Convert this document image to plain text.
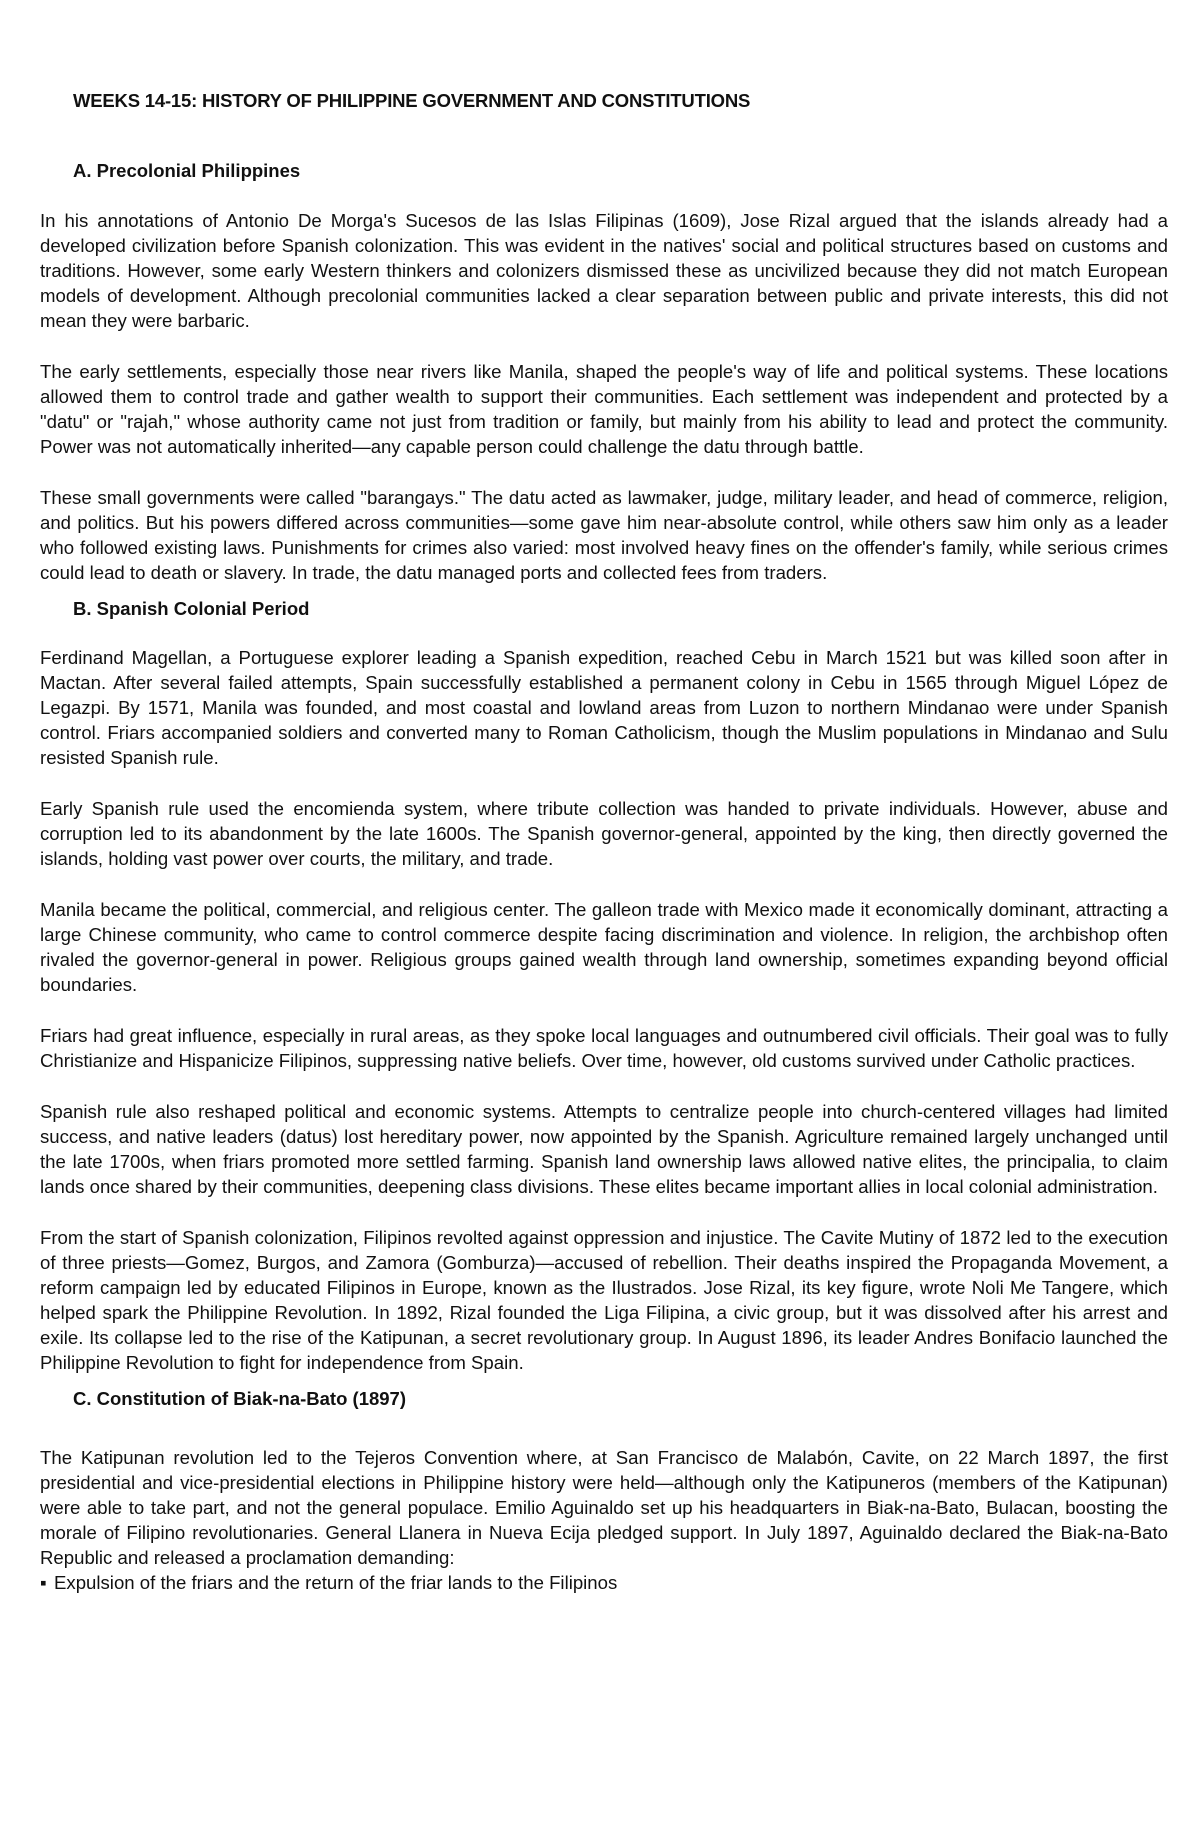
WEEKS 14-15: HISTORY OF PHILIPPINE GOVERNMENT AND CONSTITUTIONS
A. Precolonial Philippines

In his annotations of Antonio De Morga's Sucesos de las Islas Filipinas (1609), Jose Rizal argued that the islands already had a developed civilization before Spanish colonization. This was evident in the natives' social and political structures based on customs and traditions. However, some early Western thinkers and colonizers dismissed these as uncivilized because they did not match European models of development. Although precolonial communities lacked a clear separation between public and private interests, this did not mean they were barbaric.

The early settlements, especially those near rivers like Manila, shaped the people's way of life and political systems. These locations allowed them to control trade and gather wealth to support their communities. Each settlement was independent and protected by a "datu" or "rajah," whose authority came not just from tradition or family, but mainly from his ability to lead and protect the community. Power was not automatically inherited—any capable person could challenge the datu through battle.

These small governments were called "barangays." The datu acted as lawmaker, judge, military leader, and head of commerce, religion, and politics. But his powers differed across communities—some gave him near-absolute control, while others saw him only as a leader who followed existing laws. Punishments for crimes also varied: most involved heavy fines on the offender's family, while serious crimes could lead to death or slavery. In trade, the datu managed ports and collected fees from traders.

B. Spanish Colonial Period

Ferdinand Magellan, a Portuguese explorer leading a Spanish expedition, reached Cebu in March 1521 but was killed soon after in Mactan. After several failed attempts, Spain successfully established a permanent colony in Cebu in 1565 through Miguel López de Legazpi. By 1571, Manila was founded, and most coastal and lowland areas from Luzon to northern Mindanao were under Spanish control. Friars accompanied soldiers and converted many to Roman Catholicism, though the Muslim populations in Mindanao and Sulu resisted Spanish rule.

Early Spanish rule used the encomienda system, where tribute collection was handed to private individuals. However, abuse and corruption led to its abandonment by the late 1600s. The Spanish governor-general, appointed by the king, then directly governed the islands, holding vast power over courts, the military, and trade.

Manila became the political, commercial, and religious center. The galleon trade with Mexico made it economically dominant, attracting a large Chinese community, who came to control commerce despite facing discrimination and violence. In religion, the archbishop often rivaled the governor-general in power. Religious groups gained wealth through land ownership, sometimes expanding beyond official boundaries.

Friars had great influence, especially in rural areas, as they spoke local languages and outnumbered civil officials. Their goal was to fully Christianize and Hispanicize Filipinos, suppressing native beliefs. Over time, however, old customs survived under Catholic practices.

Spanish rule also reshaped political and economic systems. Attempts to centralize people into church-centered villages had limited success, and native leaders (datus) lost hereditary power, now appointed by the Spanish. Agriculture remained largely unchanged until the late 1700s, when friars promoted more settled farming. Spanish land ownership laws allowed native elites, the principalia, to claim lands once shared by their communities, deepening class divisions. These elites became important allies in local colonial administration.

From the start of Spanish colonization, Filipinos revolted against oppression and injustice. The Cavite Mutiny of 1872 led to the execution of three priests—Gomez, Burgos, and Zamora (Gomburza)—accused of rebellion. Their deaths inspired the Propaganda Movement, a reform campaign led by educated Filipinos in Europe, known as the Ilustrados. Jose Rizal, its key figure, wrote Noli Me Tangere, which helped spark the Philippine Revolution. In 1892, Rizal founded the Liga Filipina, a civic group, but it was dissolved after his arrest and exile. Its collapse led to the rise of the Katipunan, a secret revolutionary group. In August 1896, its leader Andres Bonifacio launched the Philippine Revolution to fight for independence from Spain.

C. Constitution of Biak-na-Bato (1897)

The Katipunan revolution led to the Tejeros Convention where, at San Francisco de Malabón, Cavite, on 22 March 1897, the first presidential and vice-presidential elections in Philippine history were held—although only the Katipuneros (members of the Katipunan) were able to take part, and not the general populace. Emilio Aguinaldo set up his headquarters in Biak-na-Bato, Bulacan, boosting the morale of Filipino revolutionaries. General Llanera in Nueva Ecija pledged support. In July 1897, Aguinaldo declared the Biak-na-Bato Republic and released a proclamation demanding:

▪ Expulsion of the friars and the return of the friar lands to the Filipinos
